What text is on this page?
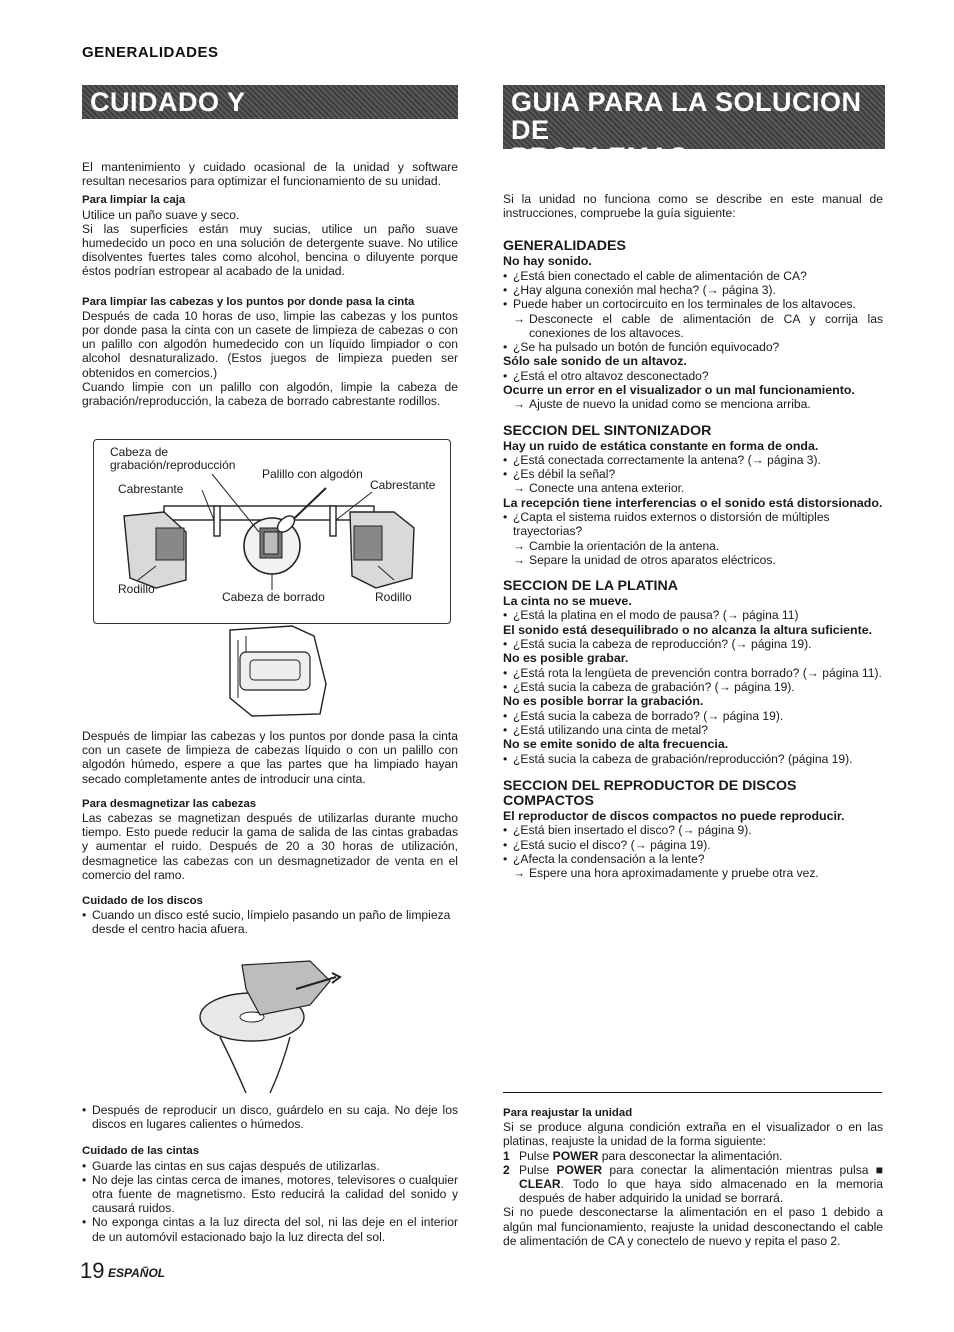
GENERALIDADES
CUIDADO Y MANTENIMIENTO
GUIA PARA LA SOLUCION DE
PROBLEMAS

El mantenimiento y cuidado ocasional de la unidad y software resultan necesarios para optimizar el funcionamiento de su unidad.

Para limpiar la caja

Utilice un paño suave y seco.

Si las superficies están muy sucias, utilice un paño suave humedecido un poco en una solución de detergente suave. No utilice disolventes fuertes tales como alcohol, bencina o diluyente porque éstos podrían estropear al acabado de la unidad.

Para limpiar las cabezas y los puntos por donde pasa la cinta

Después de cada 10 horas de uso, limpie las cabezas y los puntos por donde pasa la cinta con un casete de limpieza de cabezas o con un palillo con algodón humedecido con un líquido limpiador o con alcohol desnaturalizado. (Estos juegos de limpieza pueden ser obtenidos en comercios.)

Cuando limpie con un palillo con algodón, limpie la cabeza de grabación/reproducción, la cabeza de borrado cabrestante rodillos.

Cabeza de
grabación/reproducción
Palillo con algodón
Cabrestante	Cabrestante
Rodillo
Cabeza de borrado	Rodillo

Después de limpiar las cabezas y los puntos por donde pasa la cinta con un casete de limpieza de cabezas líquido o con un palillo con algodón húmedo, espere a que las partes que ha limpiado hayan secado completamente antes de introducir una cinta.

Para desmagnetizar las cabezas

Las cabezas se magnetizan después de utilizarlas durante mucho tiempo. Esto puede reducir la gama de salida de las cintas grabadas y aumentar el ruido. Después de 20 a 30 horas de utilización, desmagnetice las cabezas con un desmagnetizador de venta en el comercio del ramo.

Cuidado de los discos

• Cuando un disco esté sucio, límpielo pasando un paño de limpieza desde el centro hacia afuera.
• Después de reproducir un disco, guárdelo en su caja. No deje los discos en lugares calientes o húmedos.

Cuidado de las cintas

• Guarde las cintas en sus cajas después de utilizarlas.
• No deje las cintas cerca de imanes, motores, televisores o cualquier otra fuente de magnetismo. Esto reducirá la calidad del sonido y causará ruidos.
• No exponga cintas a la luz directa del sol, ni las deje en el interior de un automóvil estacionado bajo la luz directa del sol.

Si la unidad no funciona como se describe en este manual de instrucciones, compruebe la guía siguiente:

GENERALIDADES

No hay sonido.

• ¿Está bien conectado el cable de alimentación de CA?
• ¿Hay alguna conexión mal hecha? (→ página 3).
• Puede haber un cortocircuito en los terminales de los altavoces.

→ Desconecte el cable de alimentación de CA y corrija las conexiones de los altavoces.

• ¿Se ha pulsado un botón de función equivocado?

Sólo sale sonido de un altavoz.

• ¿Está el otro altavoz desconectado?

Ocurre un error en el visualizador o un mal funcionamiento.

→ Ajuste de nuevo la unidad como se menciona arriba.

SECCION DEL SINTONIZADOR

Hay un ruido de estática constante en forma de onda.

• ¿Está conectada correctamente la antena? (→ página 3).
• ¿Es débil la señal?

→ Conecte una antena exterior.

La recepción tiene interferencias o el sonido está distorsionado.

• ¿Capta el sistema ruidos externos o distorsión de múltiples trayectorias?

→ Cambie la orientación de la antena.

→ Separe la unidad de otros aparatos eléctricos.

SECCION DE LA PLATINA

La cinta no se mueve.

• ¿Está la platina en el modo de pausa? (→ página 11)

El sonido está desequilibrado o no alcanza la altura suficiente.

• ¿Está sucia la cabeza de reproducción? (→ página 19).

No es posible grabar.

• ¿Está rota la lengüeta de prevención contra borrado? (→ página 11).
• ¿Está sucia la cabeza de grabación? (→ página 19).

No es posible borrar la grabación.

• ¿Está sucia la cabeza de borrado? (→ página 19).
• ¿Está utilizando una cinta de metal?

No se emite sonido de alta frecuencia.

• ¿Está sucia la cabeza de grabación/reproducción? (página 19).

SECCION DEL REPRODUCTOR DE DISCOS
COMPACTOS

El reproductor de discos compactos no puede reproducir.

• ¿Está bien insertado el disco? (→ página 9).
• ¿Está sucio el disco? (→ página 19).
• ¿Afecta la condensación a la lente?

→ Espere una hora aproximadamente y pruebe otra vez.

Para reajustar la unidad

Si se produce alguna condición extraña en el visualizador o en las platinas, reajuste la unidad de la forma siguiente:

1 Pulse POWER para desconectar la alimentación.
2 Pulse POWER para conectar la alimentación mientras pulsa ■ CLEAR. Todo lo que haya sido almacenado en la memoria después de haber adquirido la unidad se borrará.

Si no puede desconectarse la alimentación en el paso 1 debido a algún mal funcionamiento, reajuste la unidad desconectando el cable de alimentación de CA y conectelo de nuevo y repita el paso 2.

19 ESPAÑOL
